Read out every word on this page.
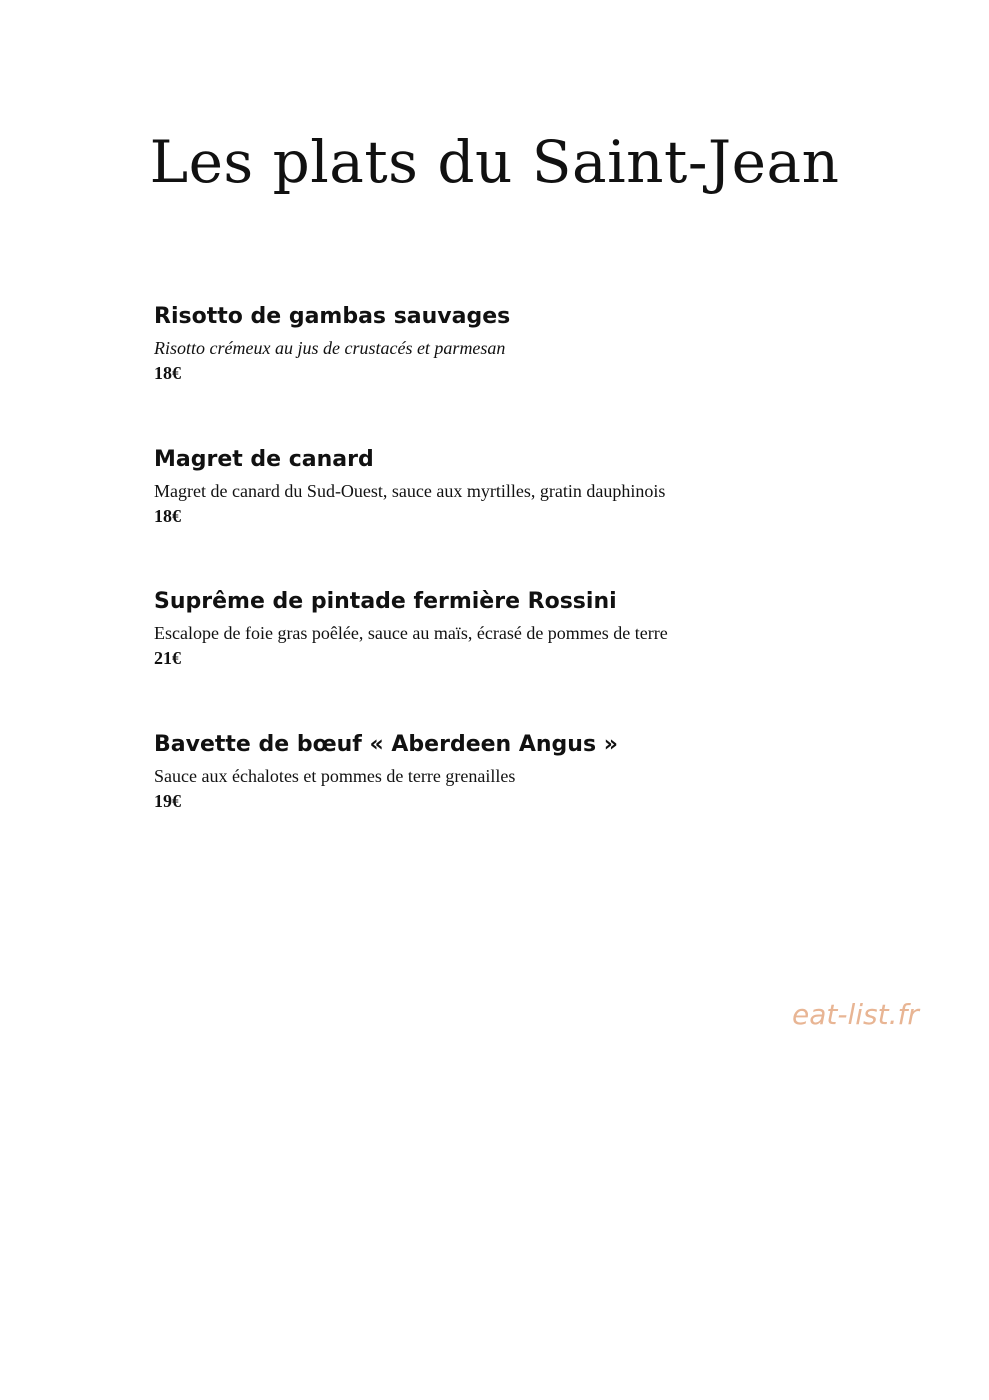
Les plats du Saint-Jean

Risotto de gambas sauvages

Risotto crémeux au jus de crustacés et parmesan

18€

Magret de canard

Magret de canard du Sud-Ouest, sauce aux myrtilles, gratin dauphinois

18€

Suprême de pintade fermière Rossini

Escalope de foie gras poêlée, sauce au maïs, écrasé de pommes de terre

21€

Bavette de bœuf « Aberdeen Angus »

Sauce aux échalotes et pommes de terre grenailles

19€

eat-list.fr
